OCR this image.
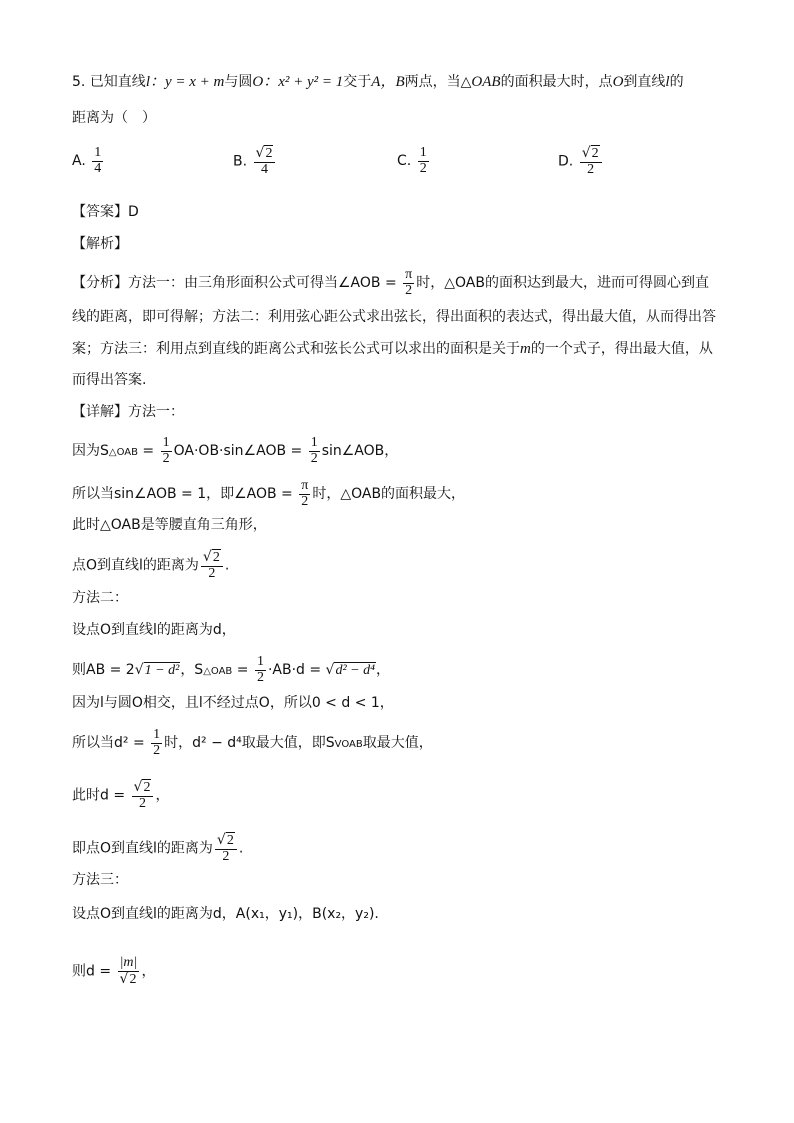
5. 已知直线l：y = x + m与圆O：x² + y² = 1交于A，B两点，当△OAB的面积最大时，点O到直线l的
距离为（　）
A. $\frac{1}{4}$	B. $\frac{√2}{4}$	C. $\frac{1}{2}$	D. $\frac{√2}{2}$
【答案】D
【解析】
【分析】方法一：由三角形面积公式可得当∠AOB = $\frac{\pi}{2}$ 时，△OAB的面积达到最大，进而可得圆心到直
线的距离，即可得解；方法二：利用弦心距公式求出弦长，得出面积的表达式，得出最大值，从而得出答
案；方法三：利用点到直线的距离公式和弦长公式可以求出的面积是关于m的一个式子，得出最大值，从
而得出答案.
【详解】方法一：
因为S△OAB = $\frac{1}{2}$ OA·OB·sin∠AOB = $\frac{1}{2}$ sin∠AOB，
所以当sin∠AOB = 1，即∠AOB = $\frac{\pi}{2}$ 时，△OAB的面积最大，
此时△OAB是等腰直角三角形，
点O到直线l的距离为 $\frac{√2}{2}$ .
方法二：
设点O到直线l的距离为d，
则AB = 2√1 − d²，S△OAB = $\frac{1}{2} \cdot AB\cdot d = √d^2 - d^4$，
因为l与圆O相交，且l不经过点O，所以0 < d < 1，
所以当$d^2 = \frac{1}{2}$ 时，d² − d⁴取最大值，即SVOAB取最大值，
此时$d = \frac{√2}{2}$ ，
即点O到直线l的距离为 $\frac{√2}{2}$ .
方法三：
设点O到直线l的距离为d，A(x₁，y₁)，B(x₂，y₂).
则$d = \frac{|m|}{√2}$ ，
